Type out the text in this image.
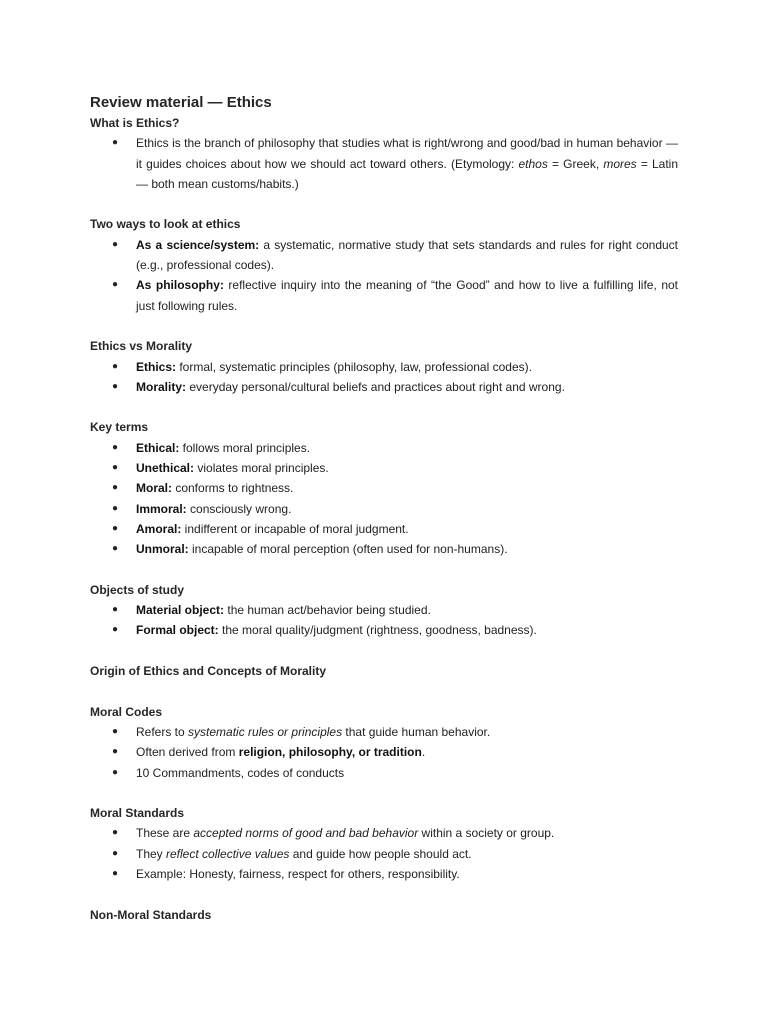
Review material — Ethics
What is Ethics?
● Ethics is the branch of philosophy that studies what is right/wrong and good/bad in human behavior — it guides choices about how we should act toward others. (Etymology: ethos = Greek, mores = Latin — both mean customs/habits.)
Two ways to look at ethics
● As a science/system: a systematic, normative study that sets standards and rules for right conduct (e.g., professional codes).
● As philosophy: reflective inquiry into the meaning of “the Good” and how to live a fulfilling life, not just following rules.
Ethics vs Morality
● Ethics: formal, systematic principles (philosophy, law, professional codes).
● Morality: everyday personal/cultural beliefs and practices about right and wrong.
Key terms
● Ethical: follows moral principles.
● Unethical: violates moral principles.
● Moral: conforms to rightness.
● Immoral: consciously wrong.
● Amoral: indifferent or incapable of moral judgment.
● Unmoral: incapable of moral perception (often used for non-humans).
Objects of study
● Material object: the human act/behavior being studied.
● Formal object: the moral quality/judgment (rightness, goodness, badness).
Origin of Ethics and Concepts of Morality
Moral Codes
● Refers to systematic rules or principles that guide human behavior.
● Often derived from religion, philosophy, or tradition.
● 10 Commandments, codes of conducts
Moral Standards
● These are accepted norms of good and bad behavior within a society or group.
● They reflect collective values and guide how people should act.
● Example: Honesty, fairness, respect for others, responsibility.
Non-Moral Standards
